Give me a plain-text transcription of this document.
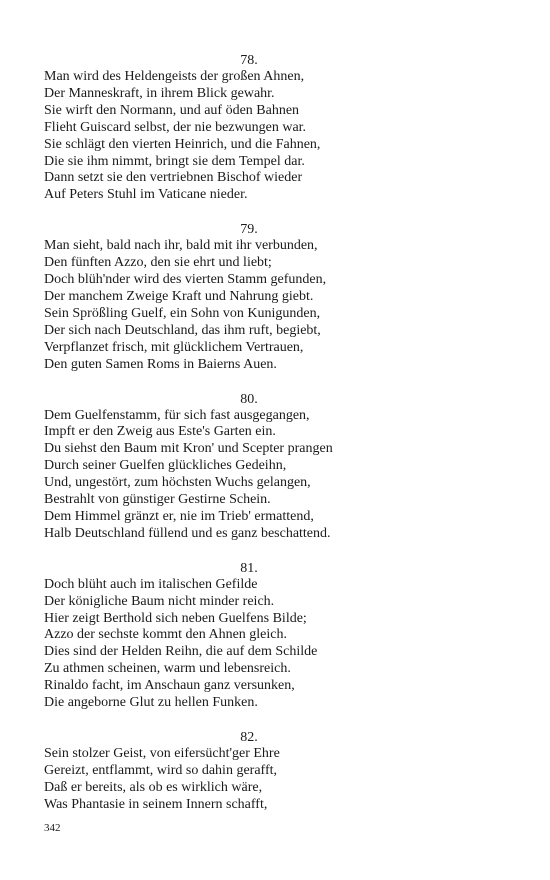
78.
Man wird des Heldengeists der großen Ahnen,
Der Manneskraft, in ihrem Blick gewahr.
Sie wirft den Normann, und auf öden Bahnen
Flieht Guiscard selbst, der nie bezwungen war.
Sie schlägt den vierten Heinrich, und die Fahnen,
Die sie ihm nimmt, bringt sie dem Tempel dar.
Dann setzt sie den vertriebnen Bischof wieder
Auf Peters Stuhl im Vaticane nieder.
79.
Man sieht, bald nach ihr, bald mit ihr verbunden,
Den fünften Azzo, den sie ehrt und liebt;
Doch blüh'nder wird des vierten Stamm gefunden,
Der manchem Zweige Kraft und Nahrung giebt.
Sein Sprößling Guelf, ein Sohn von Kunigunden,
Der sich nach Deutschland, das ihm ruft, begiebt,
Verpflanzet frisch, mit glücklichem Vertrauen,
Den guten Samen Roms in Baierns Auen.
80.
Dem Guelfenstamm, für sich fast ausgegangen,
Impft er den Zweig aus Este's Garten ein.
Du siehst den Baum mit Kron' und Scepter prangen
Durch seiner Guelfen glückliches Gedeihn,
Und, ungestört, zum höchsten Wuchs gelangen,
Bestrahlt von günstiger Gestirne Schein.
Dem Himmel gränzt er, nie im Trieb' ermattend,
Halb Deutschland füllend und es ganz beschattend.
81.
Doch blüht auch im italischen Gefilde
Der königliche Baum nicht minder reich.
Hier zeigt Berthold sich neben Guelfens Bilde;
Azzo der sechste kommt den Ahnen gleich.
Dies sind der Helden Reihn, die auf dem Schilde
Zu athmen scheinen, warm und lebensreich.
Rinaldo facht, im Anschaun ganz versunken,
Die angeborne Glut zu hellen Funken.
82.
Sein stolzer Geist, von eifersücht'ger Ehre
Gereizt, entflammt, wird so dahin gerafft,
Daß er bereits, als ob es wirklich wäre,
Was Phantasie in seinem Innern schafft,
342
